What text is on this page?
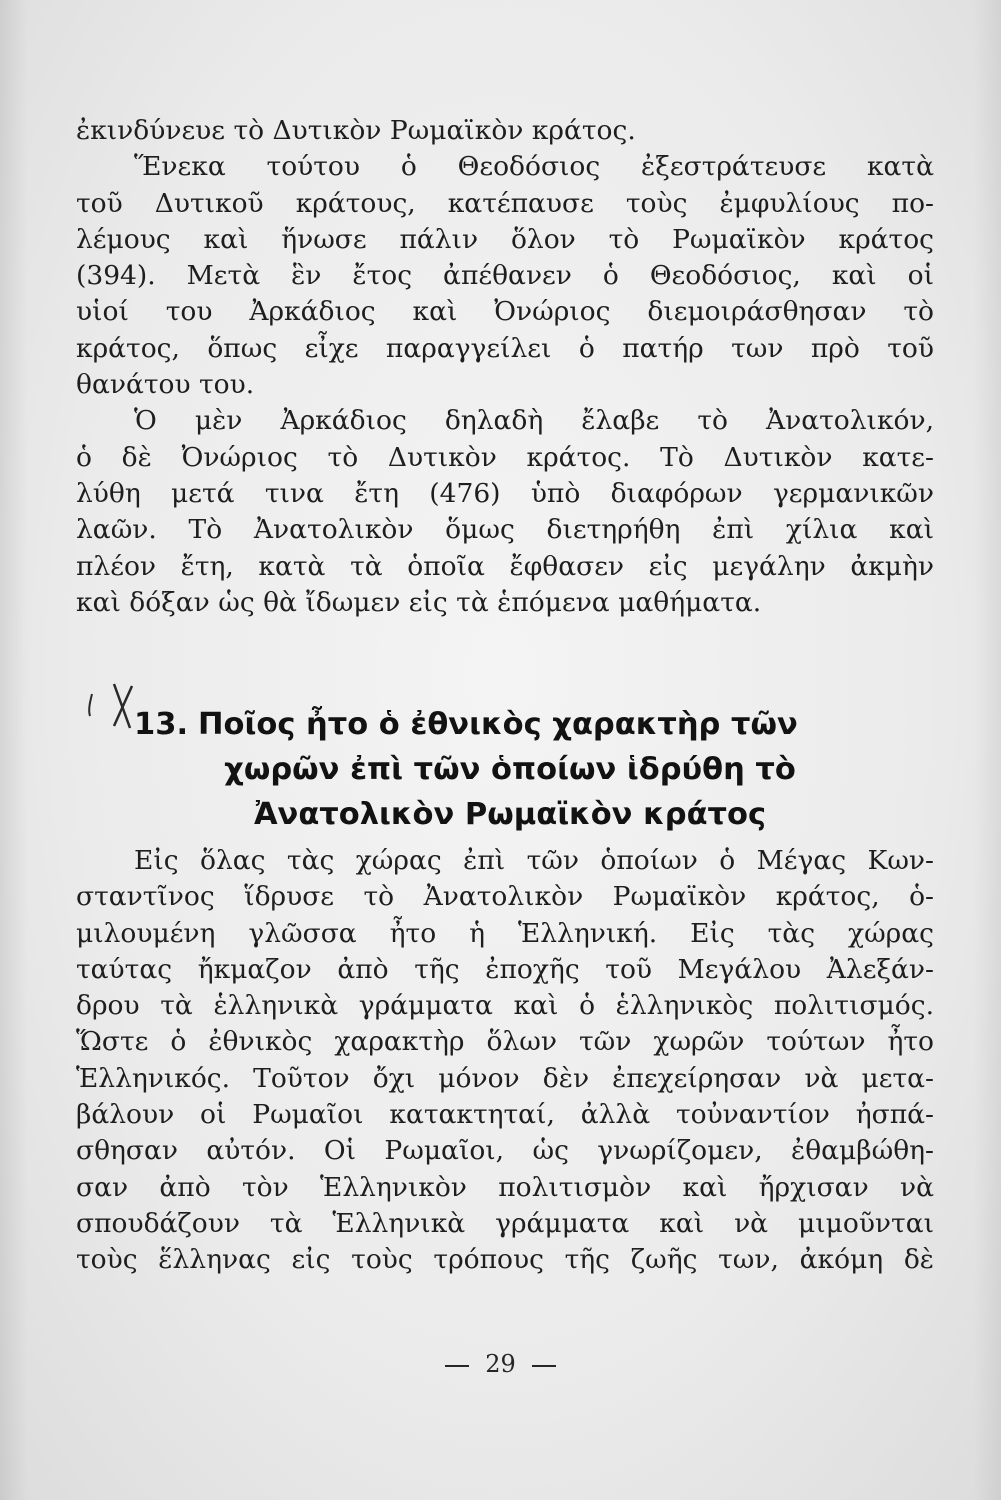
ἐκινδύνευε τὸ Δυτικὸν Ρωμαϊκὸν κράτος.
Ἕνεκα τούτου ὁ Θεοδόσιος ἐξεστράτευσε κατὰ
τοῦ Δυτικοῦ κράτους, κατέπαυσε τοὺς ἐμφυλίους πο-
λέμους καὶ ἥνωσε πάλιν ὅλον τὸ Ρωμαϊκὸν κράτος
(394). Μετὰ ἓν ἔτος ἀπέθανεν ὁ Θεοδόσιος, καὶ οἱ
υἱοί του Ἀρκάδιος καὶ Ὀνώριος διεμοιράσθησαν τὸ
κράτος, ὅπως εἶχε παραγγείλει ὁ πατήρ των πρὸ τοῦ
θανάτου του.
Ὁ μὲν Ἀρκάδιος δηλαδὴ ἔλαβε τὸ Ἀνατολικόν,
ὁ δὲ Ὀνώριος τὸ Δυτικὸν κράτος. Τὸ Δυτικὸν κατε-
λύθη μετά τινα ἔτη (476) ὑπὸ διαφόρων γερμανικῶν
λαῶν. Τὸ Ἀνατολικὸν ὅμως διετηρήθη ἐπὶ χίλια καὶ
πλέον ἔτη, κατὰ τὰ ὁποῖα ἔφθασεν εἰς μεγάλην ἀκμὴν
καὶ δόξαν ὡς θὰ ἴδωμεν εἰς τὰ ἑπόμενα μαθήματα.
13. Ποῖος ἦτο ὁ ἐθνικὸς χαρακτὴρ τῶν
χωρῶν ἐπὶ τῶν ὁποίων ἱδρύθη τὸ
Ἀνατολικὸν Ρωμαϊκὸν κράτος
Εἰς ὅλας τὰς χώρας ἐπὶ τῶν ὁποίων ὁ Μέγας Κων-
σταντῖνος ἵδρυσε τὸ Ἀνατολικὸν Ρωμαϊκὸν κράτος, ὁ-
μιλουμένη γλῶσσα ἦτο ἡ Ἑλληνική. Εἰς τὰς χώρας
ταύτας ἤκμαζον ἀπὸ τῆς ἐποχῆς τοῦ Μεγάλου Ἀλεξάν-
δρου τὰ ἑλληνικὰ γράμματα καὶ ὁ ἑλληνικὸς πολιτισμός.
Ὥστε ὁ ἐθνικὸς χαρακτὴρ ὅλων τῶν χωρῶν τούτων ἦτο
Ἑλληνικός. Τοῦτον ὄχι μόνον δὲν ἐπεχείρησαν νὰ μετα-
βάλουν οἱ Ρωμαῖοι κατακτηταί, ἀλλὰ τοὐναντίον ἠσπά-
σθησαν αὐτόν. Οἱ Ρωμαῖοι, ὡς γνωρίζομεν, ἐθαμβώθη-
σαν ἀπὸ τὸν Ἑλληνικὸν πολιτισμὸν καὶ ἤρχισαν νὰ
σπουδάζουν τὰ Ἑλληνικὰ γράμματα καὶ νὰ μιμοῦνται
τοὺς ἕλληνας εἰς τοὺς τρόπους τῆς ζωῆς των, ἀκόμη δὲ
29
